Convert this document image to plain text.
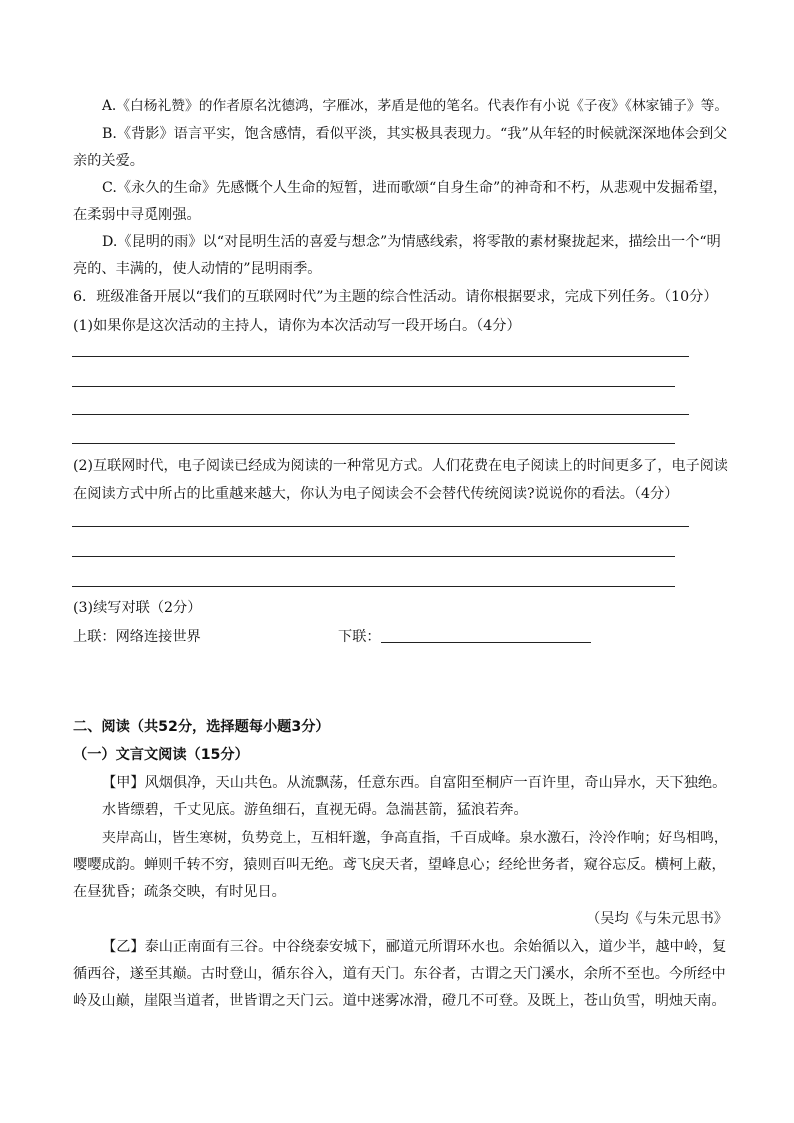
A.《白杨礼赞》的作者原名沈德鸿，字雁冰，茅盾是他的笔名。代表作有小说《子夜》《林家铺子》等。
B.《背影》语言平实，饱含感情，看似平淡，其实极具表现力。“我”从年轻的时候就深深地体会到父
亲的关爱。
C.《永久的生命》先感慨个人生命的短暂，进而歌颂“自身生命”的神奇和不朽，从悲观中发掘希望，
在柔弱中寻觅刚强。
D.《昆明的雨》以“对昆明生活的喜爱与想念”为情感线索，将零散的素材聚拢起来，描绘出一个“明
亮的、丰满的，使人动情的”昆明雨季。
6．班级准备开展以“我们的互联网时代”为主题的综合性活动。请你根据要求，完成下列任务。（10分）
(1)如果你是这次活动的主持人，请你为本次活动写一段开场白。（4分）
(2)互联网时代，电子阅读已经成为阅读的一种常见方式。人们花费在电子阅读上的时间更多了，电子阅读
在阅读方式中所占的比重越来越大，你认为电子阅读会不会替代传统阅读?说说你的看法。（4分）
(3)续写对联（2分）
上联：网络连接世界	下联：
二、阅读（共52分，选择题每小题3分）
（一）文言文阅读（15分）
【甲】风烟俱净，天山共色。从流飘荡，任意东西。自富阳至桐庐一百许里，奇山异水，天下独绝。
水皆缥碧，千丈见底。游鱼细石，直视无碍。急湍甚箭，猛浪若奔。
夹岸高山，皆生寒树，负势竞上，互相轩邈，争高直指，千百成峰。泉水激石，泠泠作响；好鸟相鸣，
嘤嘤成韵。蝉则千转不穷，猿则百叫无绝。鸢飞戾天者，望峰息心；经纶世务者，窥谷忘反。横柯上蔽，
在昼犹昏；疏条交映，有时见日。
（吴均《与朱元思书》
【乙】泰山正南面有三谷。中谷绕泰安城下，郦道元所谓环水也。余始循以入，道少半，越中岭，复
循西谷，遂至其巅。古时登山，循东谷入，道有天门。东谷者，古谓之天门溪水，余所不至也。今所经中
岭及山巅，崖限当道者，世皆谓之天门云。道中迷雾冰滑，磴几不可登。及既上，苍山负雪，明烛天南。
